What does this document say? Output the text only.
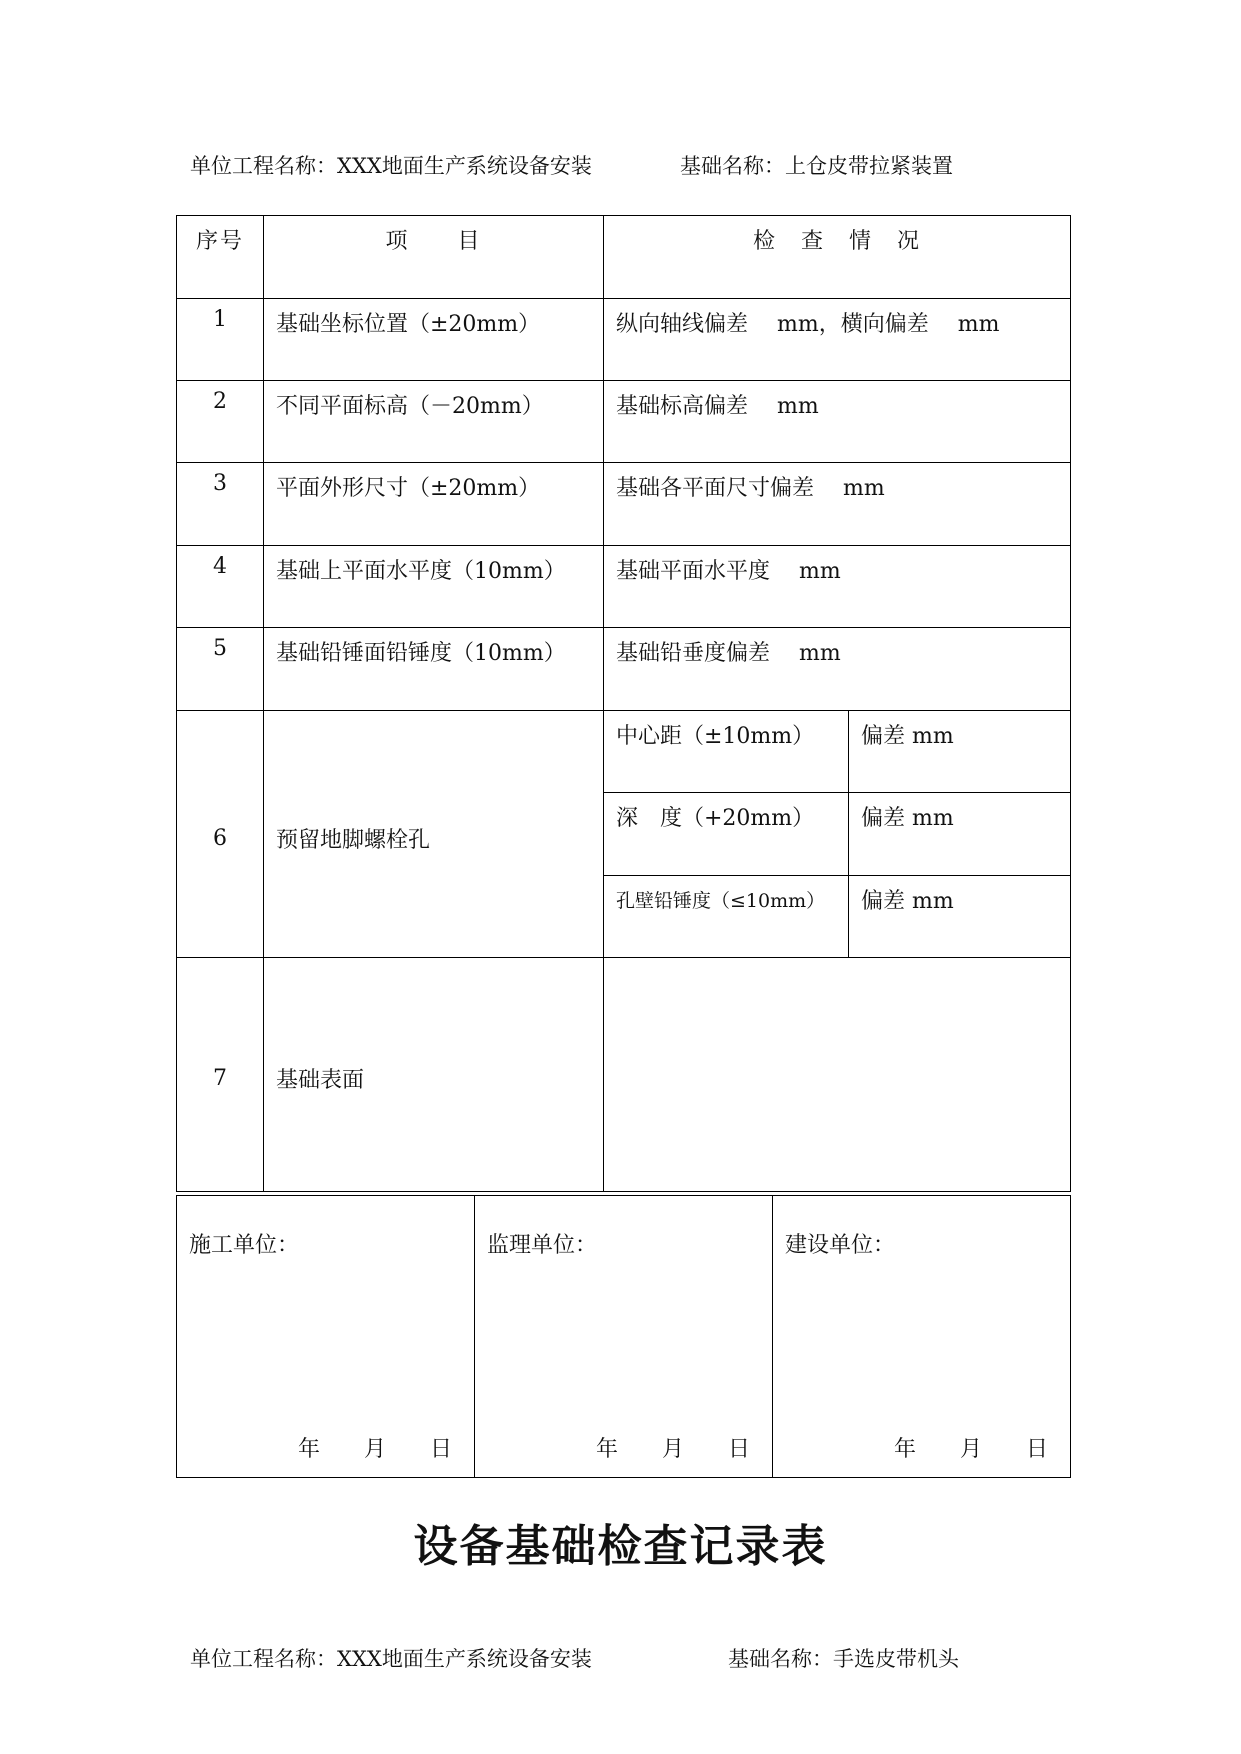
单位工程名称：XXX地面生产系统设备安装	基础名称：上仓皮带拉紧装置
序号	项　　目	检　查　情　况	
1	基础坐标位置（±20mm）	纵向轴线偏差　 mm，横向偏差　 mm	
2	不同平面标高（－20mm）	基础标高偏差　 mm	
3	平面外形尺寸（±20mm）	基础各平面尺寸偏差　 mm	
4	基础上平面水平度（10mm）	基础平面水平度　 mm	
5	基础铅锤面铅锤度（10mm）	基础铅垂度偏差　 mm	
6	预留地脚螺栓孔	中心距（±10mm）	偏差 mm
		深　度（+20mm）	偏差 mm
		孔壁铅锤度（≤10mm）	偏差 mm
7	基础表面		
施工单位：
年　　月　　日

监理单位：
年　　月　　日

建设单位：
年　　月　　日
设备基础检查记录表
单位工程名称：XXX地面生产系统设备安装	基础名称：手选皮带机头
